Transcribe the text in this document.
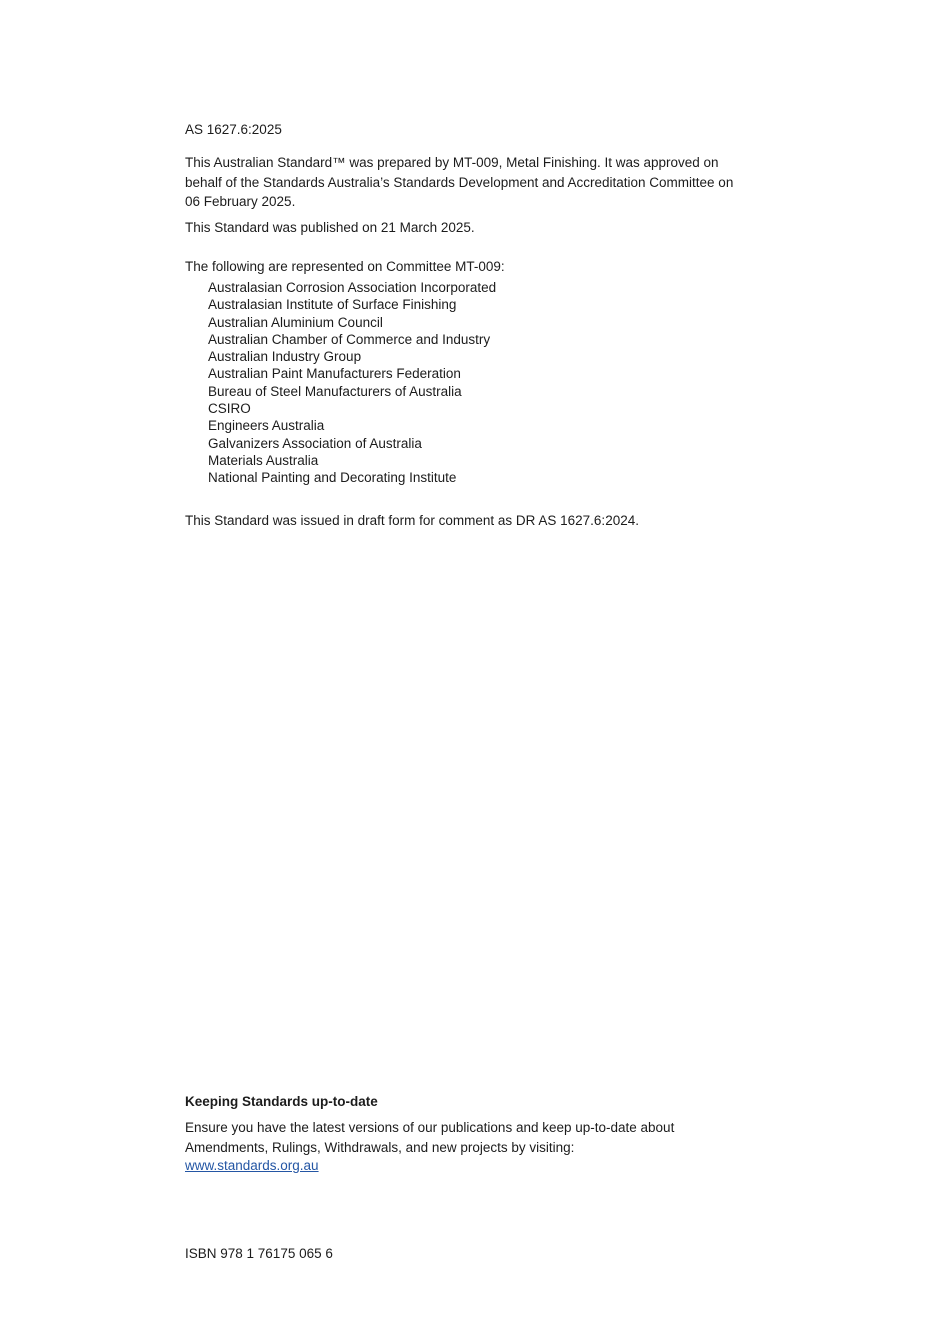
AS 1627.6:2025
This Australian Standard™ was prepared by MT-009, Metal Finishing. It was approved on behalf of the Standards Australia’s Standards Development and Accreditation Committee on 06 February 2025.
This Standard was published on 21 March 2025.
The following are represented on Committee MT-009:
Australasian Corrosion Association Incorporated
Australasian Institute of Surface Finishing
Australian Aluminium Council
Australian Chamber of Commerce and Industry
Australian Industry Group
Australian Paint Manufacturers Federation
Bureau of Steel Manufacturers of Australia
CSIRO
Engineers Australia
Galvanizers Association of Australia
Materials Australia
National Painting and Decorating Institute
This Standard was issued in draft form for comment as DR AS 1627.6:2024.
Keeping Standards up-to-date
Ensure you have the latest versions of our publications and keep up-to-date about Amendments, Rulings, Withdrawals, and new projects by visiting:
www.standards.org.au
ISBN 978 1 76175 065 6
